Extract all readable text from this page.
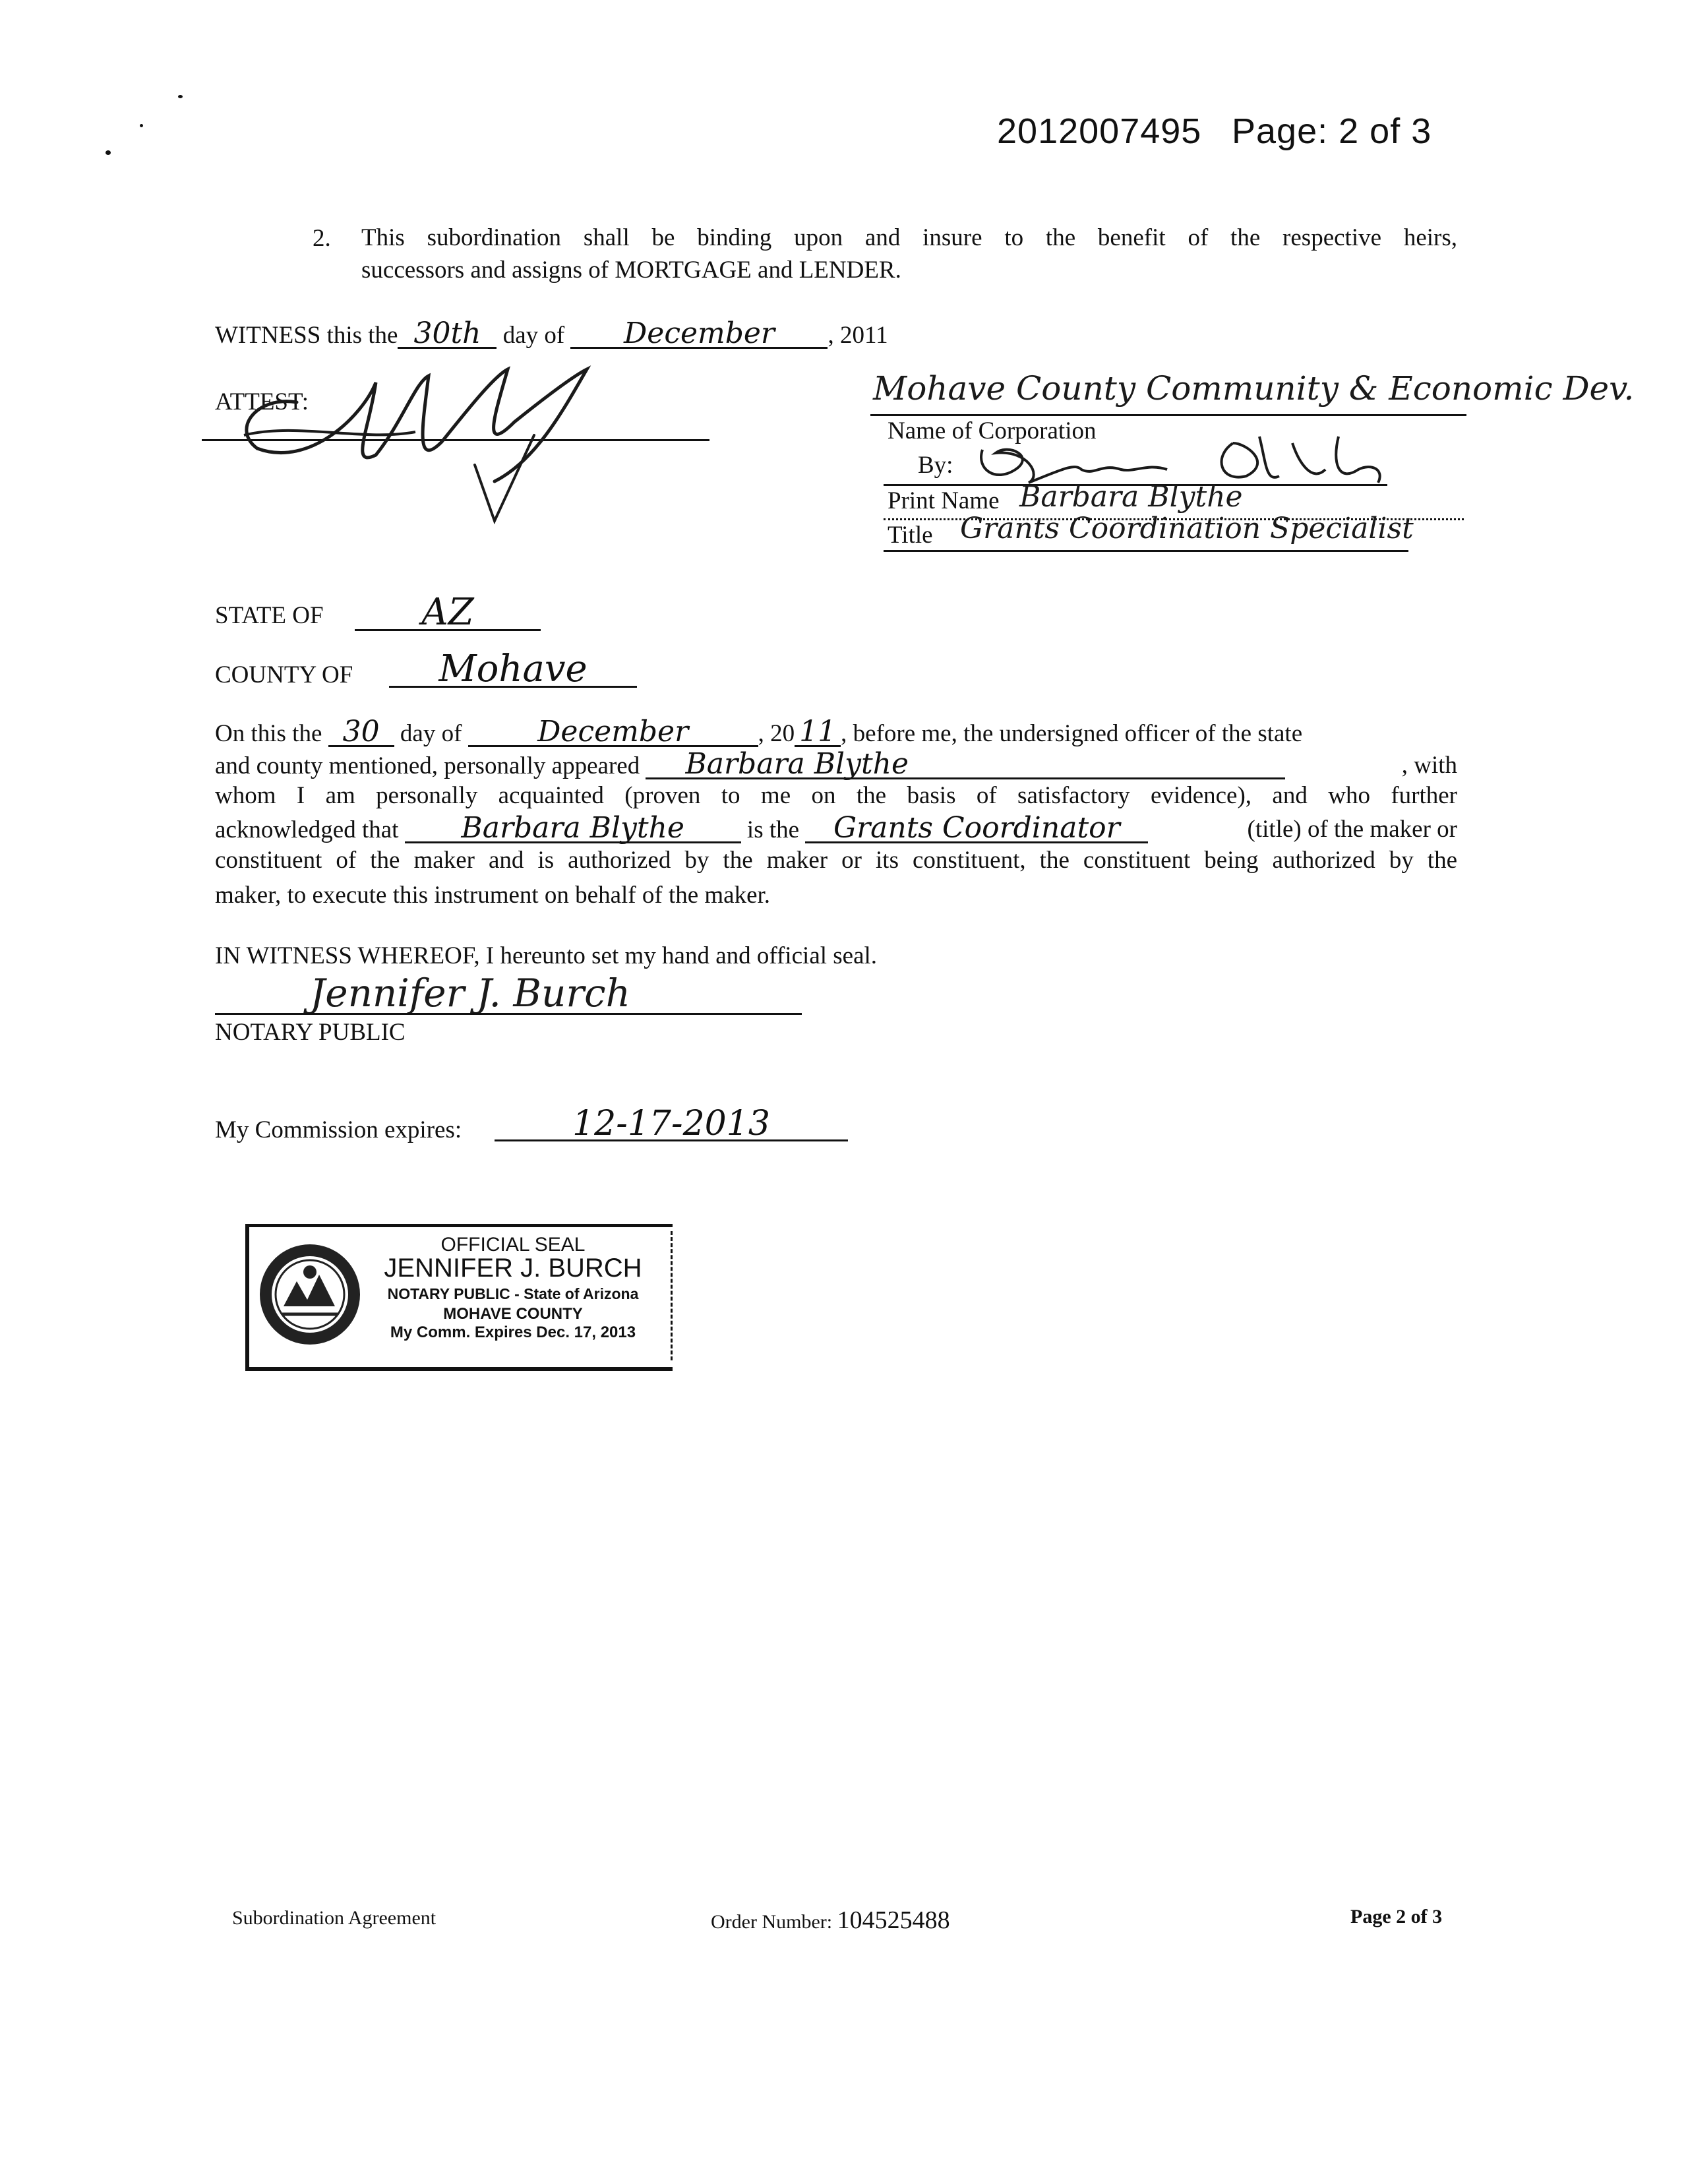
2012007495 Page: 2 of 3
2. This subordination shall be binding upon and insure to the benefit of the respective heirs,
successors and assigns of MORTGAGE and LENDER.
WITNESS this the 30th day of December , 2011
ATTEST:	Mohave County Community & Economic Dev.
Name of Corporation
By:
Print Name Barbara Blythe
Title Grants Coordination Specialist
STATE OF	AZ
COUNTY OF	Mohave
On this the 30 day of	December	, 20 11 , before me, the undersigned officer of the state
and county mentioned, personally appeared Barbara Blythe	, with
whom I am personally acquainted (proven to me on the basis of satisfactory evidence), and who further
acknowledged that Barbara Blythe	is the Grants Coordinator	(title) of the maker or
constituent of the maker and is authorized by the maker or its constituent, the constituent being authorized by the
maker, to execute this instrument on behalf of the maker.
IN WITNESS WHEREOF, I hereunto set my hand and official seal.
Jennifer J. Burch
NOTARY PUBLIC
My Commission expires:	12-17-2013
OFFICIAL SEAL
JENNIFER J. BURCH
NOTARY PUBLIC - State of Arizona
MOHAVE COUNTY
My Comm. Expires Dec. 17, 2013
Subordination Agreement	Order Number: 104525488	Page 2 of 3
